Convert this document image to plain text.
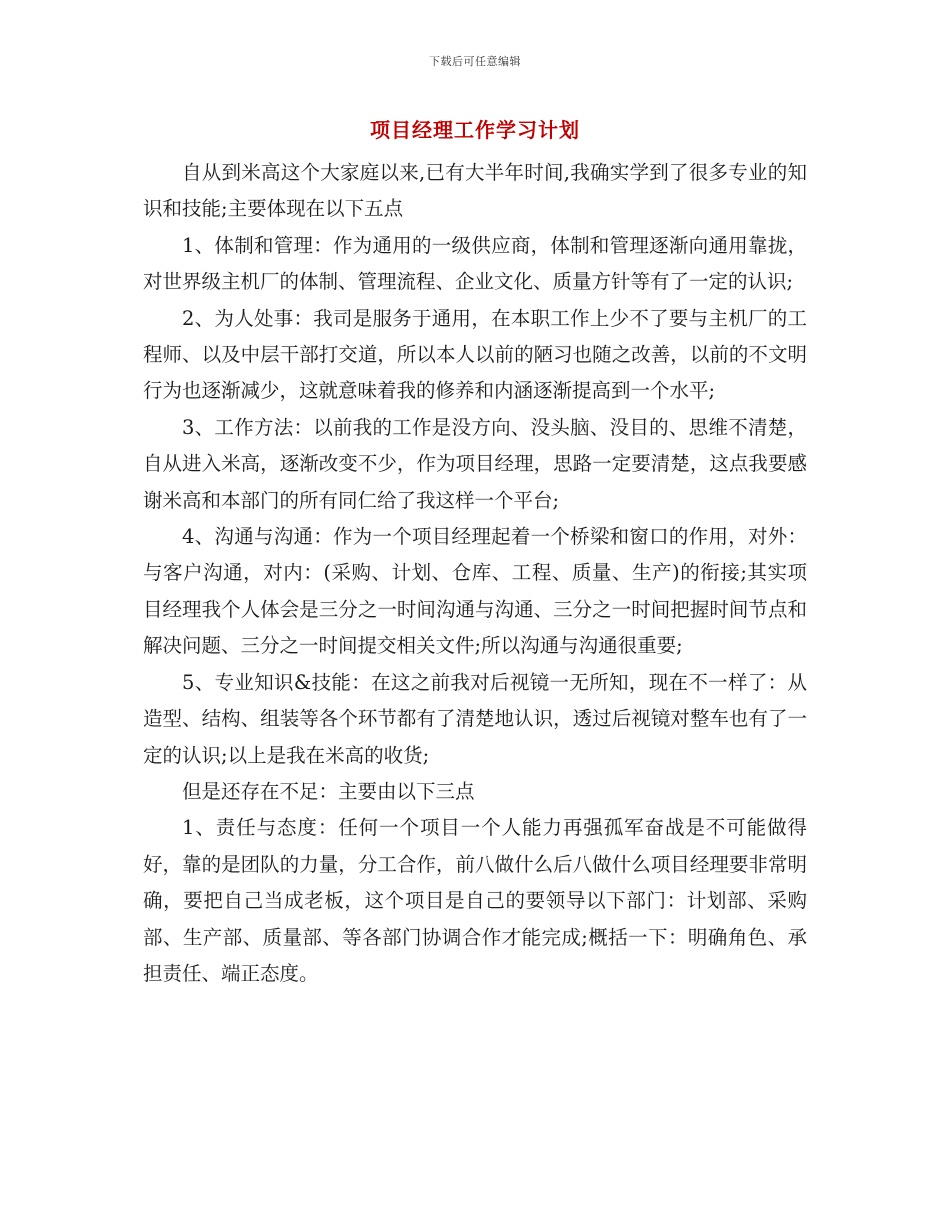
下载后可任意编辑
项目经理工作学习计划

自从到米高这个大家庭以来,已有大半年时间,我确实学到了很多专业的知识和技能;主要体现在以下五点

1、体制和管理：作为通用的一级供应商，体制和管理逐渐向通用靠拢，对世界级主机厂的体制、管理流程、企业文化、质量方针等有了一定的认识;

2、为人处事：我司是服务于通用，在本职工作上少不了要与主机厂的工程师、以及中层干部打交道，所以本人以前的陋习也随之改善，以前的不文明行为也逐渐减少，这就意味着我的修养和内涵逐渐提高到一个水平;

3、工作方法：以前我的工作是没方向、没头脑、没目的、思维不清楚，自从进入米高，逐渐改变不少，作为项目经理，思路一定要清楚，这点我要感谢米高和本部门的所有同仁给了我这样一个平台;

4、沟通与沟通：作为一个项目经理起着一个桥梁和窗口的作用，对外：与客户沟通，对内：(采购、计划、仓库、工程、质量、生产)的衔接;其实项目经理我个人体会是三分之一时间沟通与沟通、三分之一时间把握时间节点和解决问题、三分之一时间提交相关文件;所以沟通与沟通很重要;

5、专业知识&技能：在这之前我对后视镜一无所知，现在不一样了：从造型、结构、组装等各个环节都有了清楚地认识，透过后视镜对整车也有了一定的认识;以上是我在米高的收货;

但是还存在不足：主要由以下三点

1、责任与态度：任何一个项目一个人能力再强孤军奋战是不可能做得好，靠的是团队的力量，分工合作，前八做什么后八做什么项目经理要非常明确，要把自己当成老板，这个项目是自己的要领导以下部门：计划部、采购部、生产部、质量部、等各部门协调合作才能完成;概括一下：明确角色、承担责任、端正态度。
